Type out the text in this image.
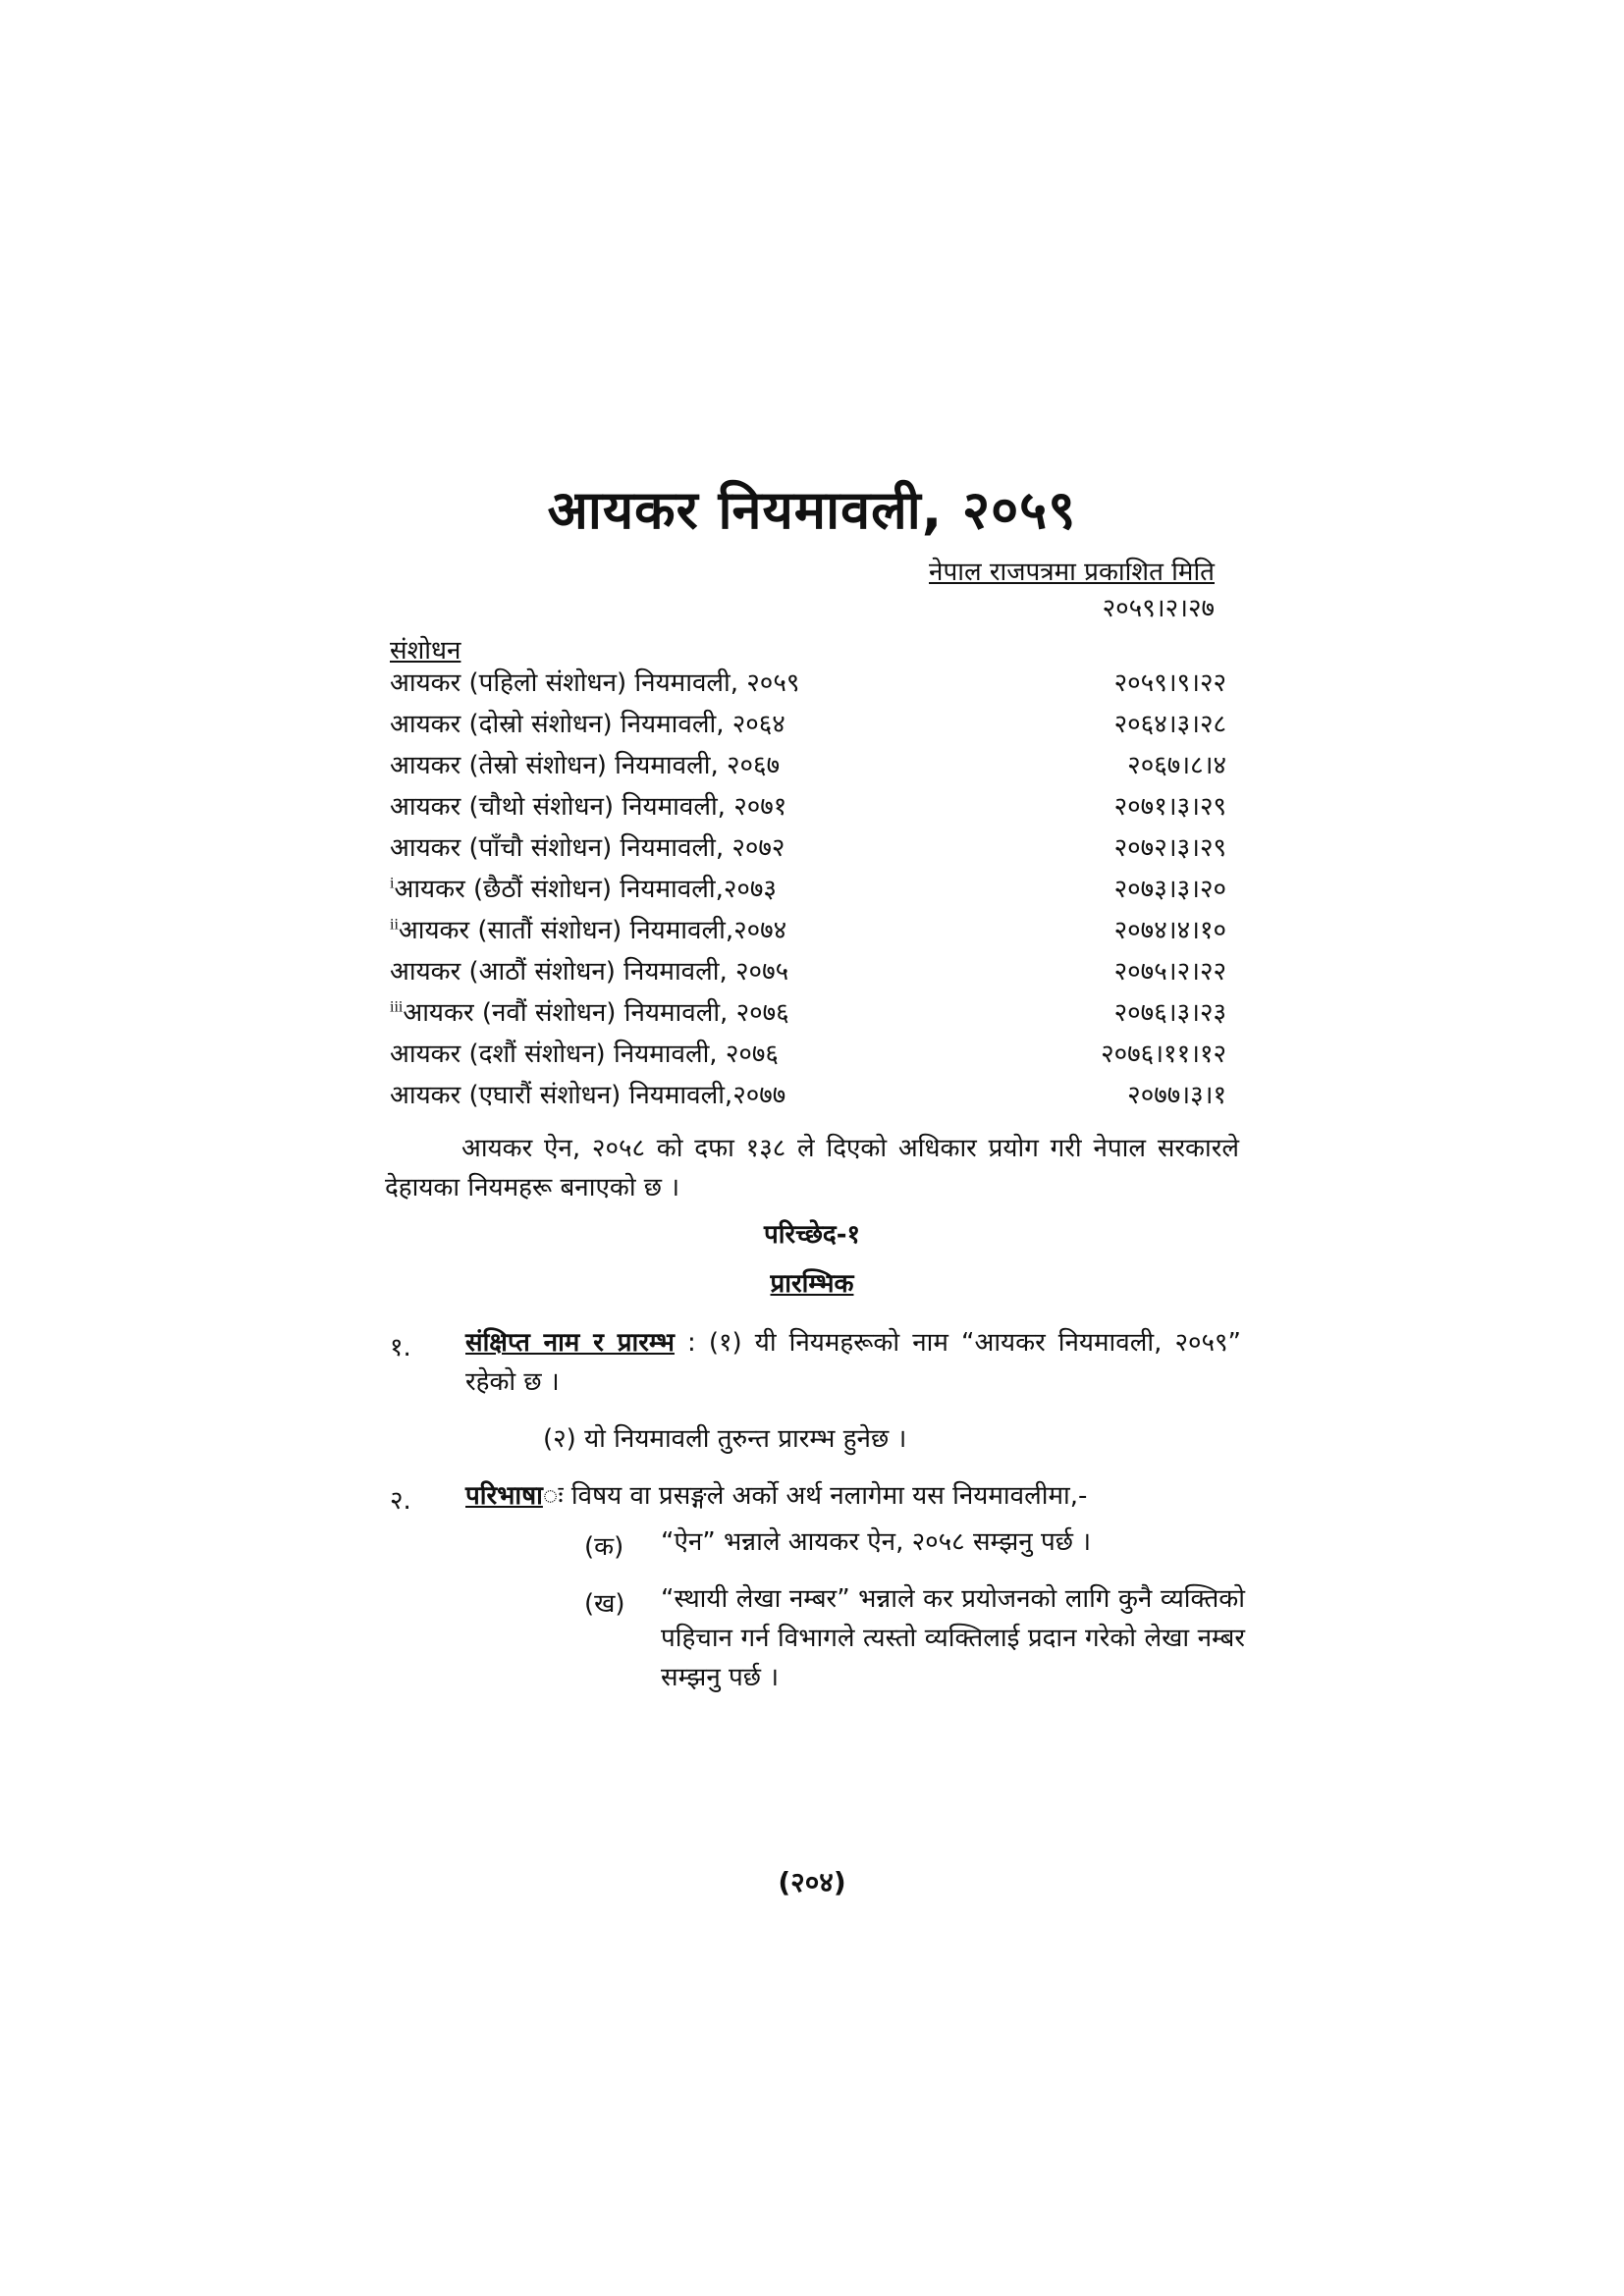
आयकर नियमावली, २०५९
नेपाल राजपत्रमा प्रकाशित मिति
२०५९।२।२७
संशोधन
आयकर (पहिलो संशोधन) नियमावली, २०५९	२०५९।९।२२
आयकर (दोस्रो संशोधन) नियमावली, २०६४	२०६४।३।२८
आयकर (तेस्रो संशोधन) नियमावली, २०६७	२०६७।८।४
आयकर (चौथो संशोधन) नियमावली, २०७१	२०७१।३।२९
आयकर (पाँचौ संशोधन) नियमावली, २०७२	२०७२।३।२९
$^i$आयकर (छैठौं संशोधन) नियमावली,२०७३	२०७३।३।२०
$^{ii}$आयकर (सातौं संशोधन) नियमावली,२०७४	२०७४।४।१०
आयकर (आठौं संशोधन) नियमावली, २०७५	२०७५।२।२२
$^{iii}$आयकर (नवौं संशोधन) नियमावली, २०७६	२०७६।३।२३
आयकर (दशौं संशोधन) नियमावली, २०७६	२०७६।११।१२
आयकर (एघारौं संशोधन) नियमावली,२०७७	२०७७।३।१
आयकर ऐन, २०५८ को दफा १३८ ले दिएको अधिकार प्रयोग गरी नेपाल सरकारले देहायका नियमहरू बनाएको छ ।
परिच्छेद-१
प्रारम्भिक
१. संक्षिप्त नाम र प्रारम्भ : (१) यी नियमहरूको नाम “आयकर नियमावली, २०५९” रहेको छ ।
(२) यो नियमावली तुरुन्त प्रारम्भ हुनेछ ।
२. परिभाषाः विषय वा प्रसङ्गले अर्को अर्थ नलागेमा यस नियमावलीमा,-
(क) “ऐन” भन्नाले आयकर ऐन, २०५८ सम्झनु पर्छ ।
(ख) “स्थायी लेखा नम्बर” भन्नाले कर प्रयोजनको लागि कुनै व्यक्तिको पहिचान गर्न विभागले त्यस्तो व्यक्तिलाई प्रदान गरेको लेखा नम्बर सम्झनु पर्छ ।
(२०४)
